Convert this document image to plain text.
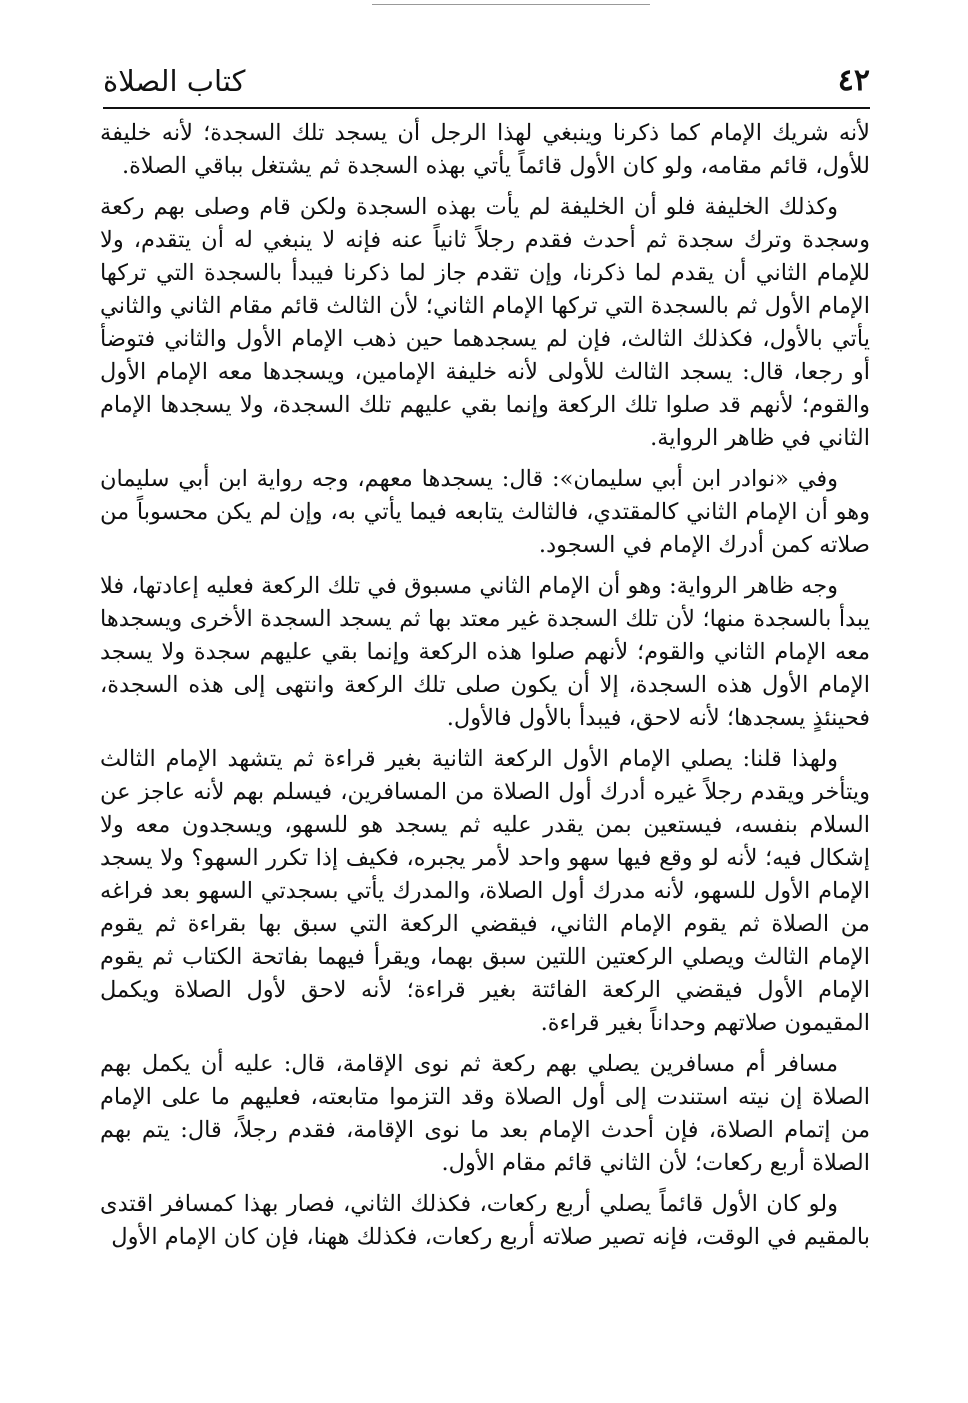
٤٢
كتاب الصلاة

لأنه شريك الإمام كما ذكرنا وينبغي لهذا الرجل أن يسجد تلك السجدة؛ لأنه خليفة للأول، قائم مقامه، ولو كان الأول قائماً يأتي بهذه السجدة ثم يشتغل بباقي الصلاة.

وكذلك الخليفة فلو أن الخليفة لم يأت بهذه السجدة ولكن قام وصلى بهم ركعة وسجدة وترك سجدة ثم أحدث فقدم رجلاً ثانياً عنه فإنه لا ينبغي له أن يتقدم، ولا للإمام الثاني أن يقدم لما ذكرنا، وإن تقدم جاز لما ذكرنا فيبدأ بالسجدة التي تركها الإمام الأول ثم بالسجدة التي تركها الإمام الثاني؛ لأن الثالث قائم مقام الثاني والثاني يأتي بالأول، فكذلك الثالث، فإن لم يسجدهما حين ذهب الإمام الأول والثاني فتوضأ أو رجعا، قال: يسجد الثالث للأولى لأنه خليفة الإمامين، ويسجدها معه الإمام الأول والقوم؛ لأنهم قد صلوا تلك الركعة وإنما بقي عليهم تلك السجدة، ولا يسجدها الإمام الثاني في ظاهر الرواية.

وفي «نوادر ابن أبي سليمان»: قال: يسجدها معهم، وجه رواية ابن أبي سليمان وهو أن الإمام الثاني كالمقتدي، فالثالث يتابعه فيما يأتي به، وإن لم يكن محسوباً من صلاته كمن أدرك الإمام في السجود.

وجه ظاهر الرواية: وهو أن الإمام الثاني مسبوق في تلك الركعة فعليه إعادتها، فلا يبدأ بالسجدة منها؛ لأن تلك السجدة غير معتد بها ثم يسجد السجدة الأخرى ويسجدها معه الإمام الثاني والقوم؛ لأنهم صلوا هذه الركعة وإنما بقي عليهم سجدة ولا يسجد الإمام الأول هذه السجدة، إلا أن يكون صلى تلك الركعة وانتهى إلى هذه السجدة، فحينئذٍ يسجدها؛ لأنه لاحق، فيبدأ بالأول فالأول.

ولهذا قلنا: يصلي الإمام الأول الركعة الثانية بغير قراءة ثم يتشهد الإمام الثالث ويتأخر ويقدم رجلاً غيره أدرك أول الصلاة من المسافرين، فيسلم بهم لأنه عاجز عن السلام بنفسه، فيستعين بمن يقدر عليه ثم يسجد هو للسهو، ويسجدون معه ولا إشكال فيه؛ لأنه لو وقع فيها سهو واحد لأمر يجبره، فكيف إذا تكرر السهو؟ ولا يسجد الإمام الأول للسهو، لأنه مدرك أول الصلاة، والمدرك يأتي بسجدتي السهو بعد فراغه من الصلاة ثم يقوم الإمام الثاني، فيقضي الركعة التي سبق بها بقراءة ثم يقوم الإمام الثالث ويصلي الركعتين اللتين سبق بهما، ويقرأ فيهما بفاتحة الكتاب ثم يقوم الإمام الأول فيقضي الركعة الفائتة بغير قراءة؛ لأنه لاحق لأول الصلاة ويكمل المقيمون صلاتهم وحداناً بغير قراءة.

مسافر أم مسافرين يصلي بهم ركعة ثم نوى الإقامة، قال: عليه أن يكمل بهم الصلاة إن نيته استندت إلى أول الصلاة وقد التزموا متابعته، فعليهم ما على الإمام من إتمام الصلاة، فإن أحدث الإمام بعد ما نوى الإقامة، فقدم رجلاً، قال: يتم بهم الصلاة أربع ركعات؛ لأن الثاني قائم مقام الأول.

ولو كان الأول قائماً يصلي أربع ركعات، فكذلك الثاني، فصار بهذا كمسافر اقتدى بالمقيم في الوقت، فإنه تصير صلاته أربع ركعات، فكذلك ههنا، فإن كان الإمام الأول
